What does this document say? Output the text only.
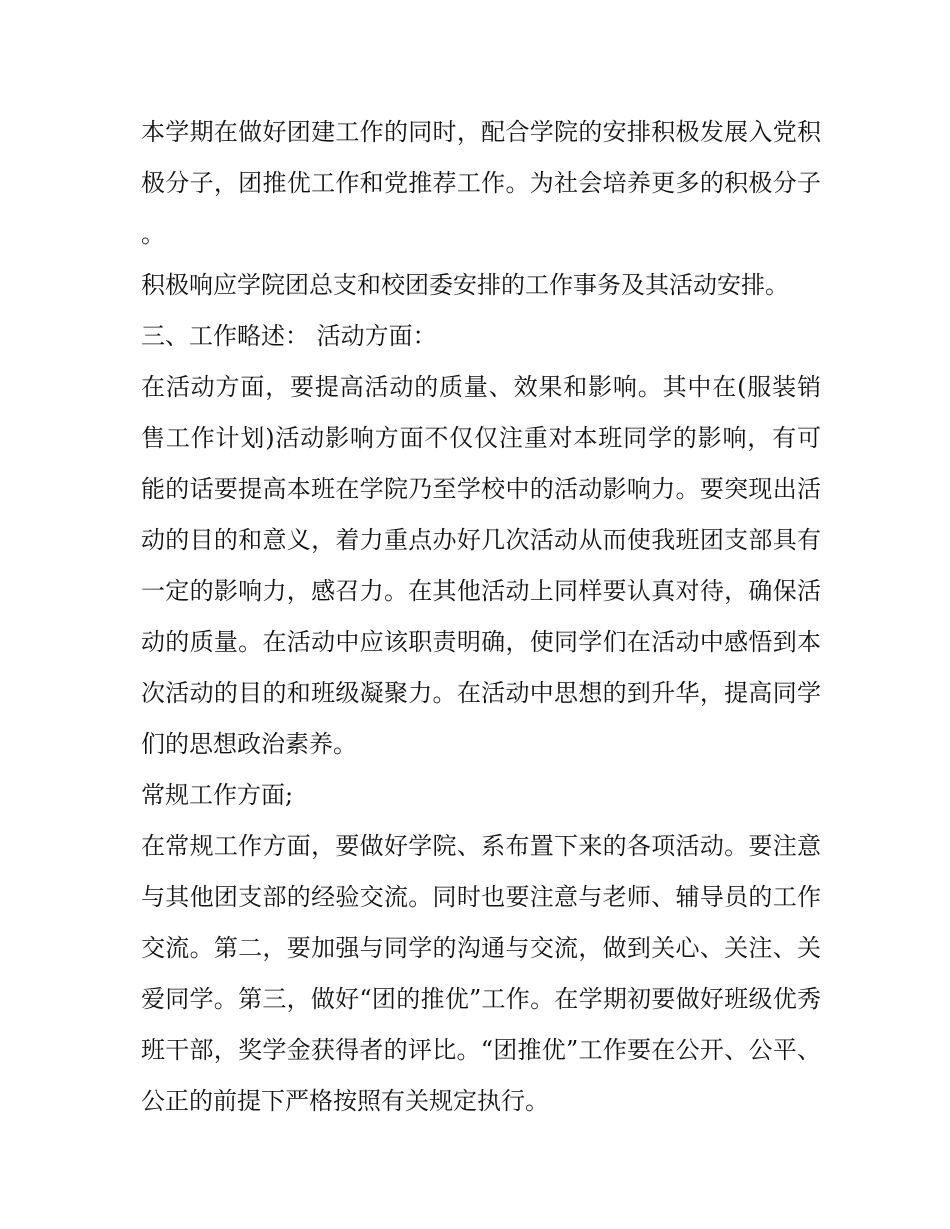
本学期在做好团建工作的同时，配合学院的安排积极发展入党积极分子，团推优工作和党推荐工作。为社会培养更多的积极分子。

积极响应学院团总支和校团委安排的工作事务及其活动安排。

三、工作略述： 活动方面：

在活动方面，要提高活动的质量、效果和影响。其中在(服装销售工作计划)活动影响方面不仅仅注重对本班同学的影响，有可能的话要提高本班在学院乃至学校中的活动影响力。要突现出活动的目的和意义，着力重点办好几次活动从而使我班团支部具有一定的影响力，感召力。在其他活动上同样要认真对待，确保活动的质量。在活动中应该职责明确，使同学们在活动中感悟到本次活动的目的和班级凝聚力。在活动中思想的到升华，提高同学们的思想政治素养。

常规工作方面;

在常规工作方面，要做好学院、系布置下来的各项活动。要注意与其他团支部的经验交流。同时也要注意与老师、辅导员的工作交流。第二，要加强与同学的沟通与交流，做到关心、关注、关爱同学。第三，做好“团的推优”工作。在学期初要做好班级优秀班干部，奖学金获得者的评比。“团推优”工作要在公开、公平、公正的前提下严格按照有关规定执行。
